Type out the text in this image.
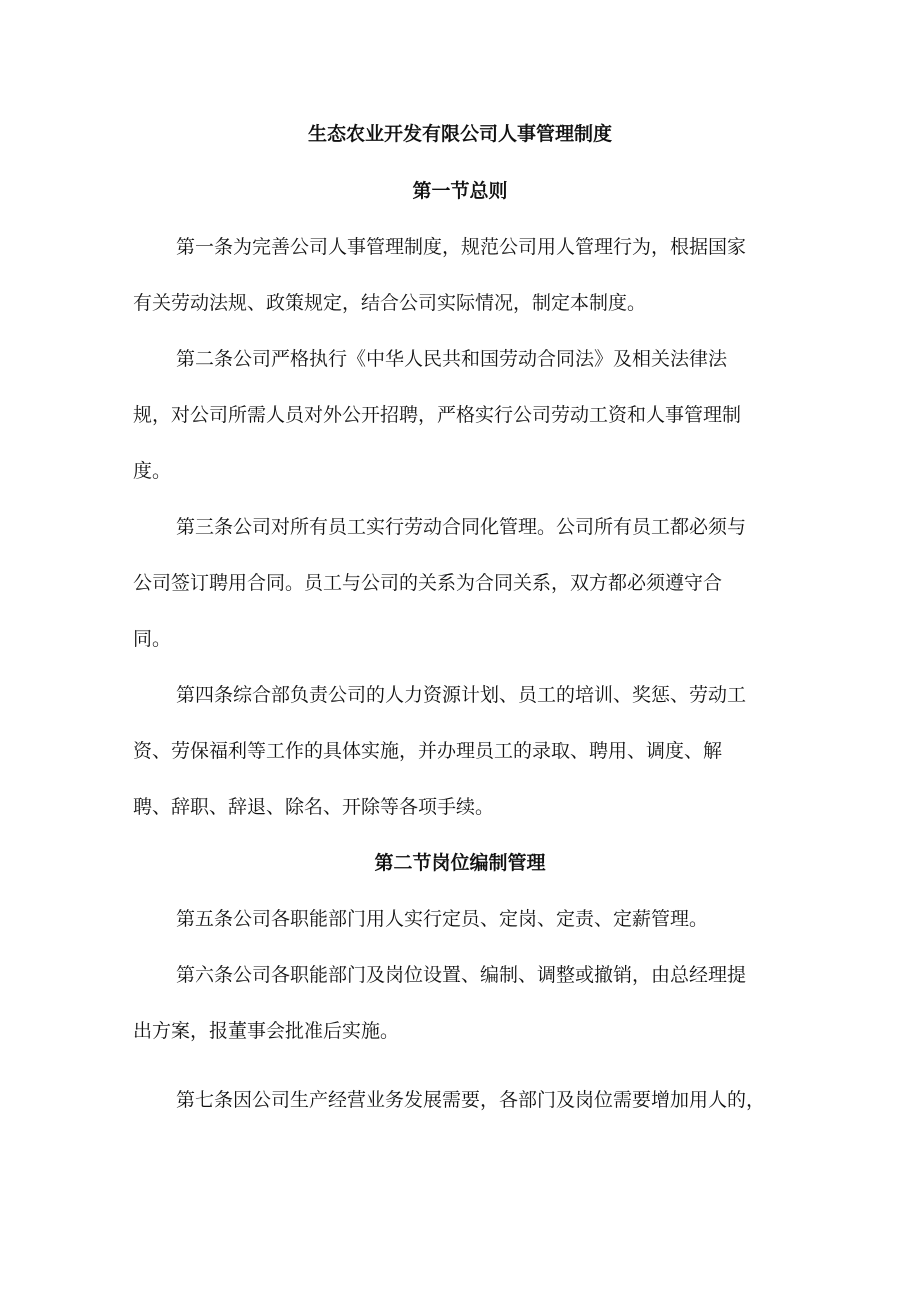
生态农业开发有限公司人事管理制度
第一节总则

第一条为完善公司人事管理制度，规范公司用人管理行为，根据国家

有关劳动法规、政策规定，结合公司实际情况，制定本制度。

第二条公司严格执行《中华人民共和国劳动合同法》及相关法律法

规，对公司所需人员对外公开招聘，严格实行公司劳动工资和人事管理制

度。

第三条公司对所有员工实行劳动合同化管理。公司所有员工都必须与

公司签订聘用合同。员工与公司的关系为合同关系，双方都必须遵守合

同。

第四条综合部负责公司的人力资源计划、员工的培训、奖惩、劳动工

资、劳保福利等工作的具体实施，并办理员工的录取、聘用、调度、解

聘、辞职、辞退、除名、开除等各项手续。

第二节岗位编制管理

第五条公司各职能部门用人实行定员、定岗、定责、定薪管理。

第六条公司各职能部门及岗位设置、编制、调整或撤销，由总经理提

出方案，报董事会批准后实施。

第七条因公司生产经营业务发展需要，各部门及岗位需要增加用人的，
